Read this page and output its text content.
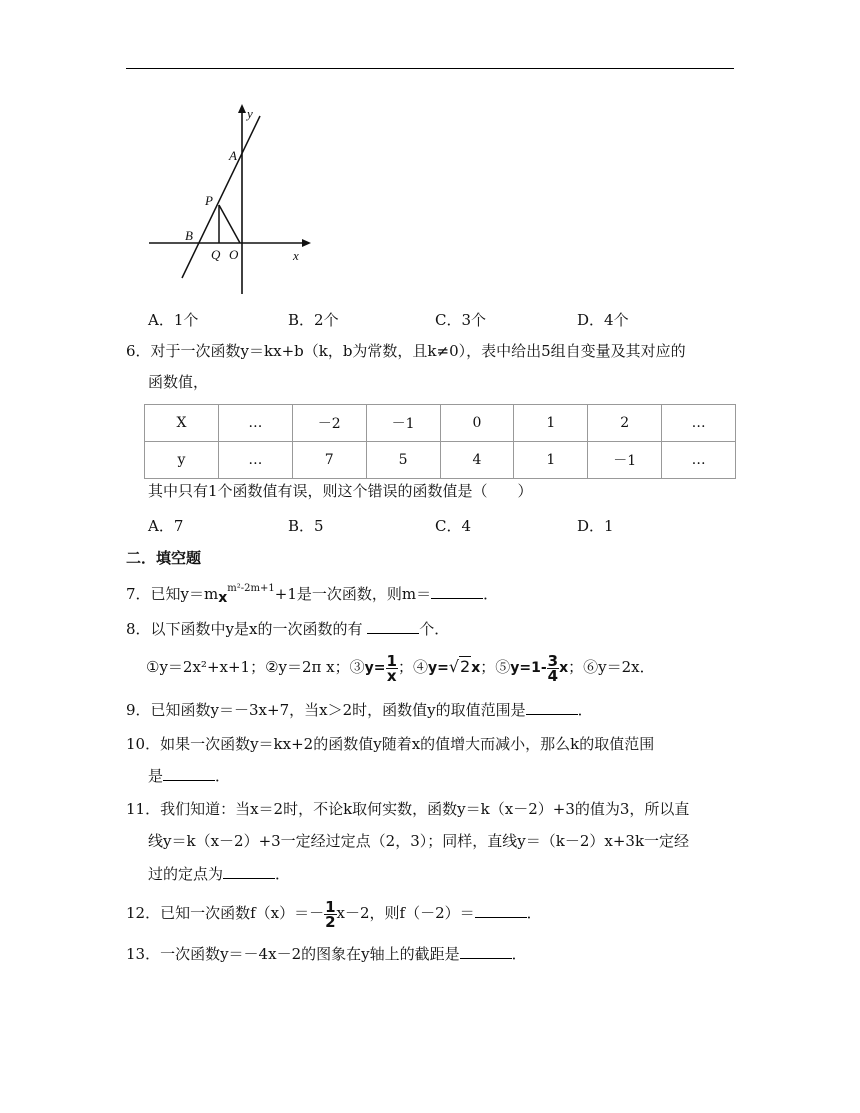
y
x
A
P
B
Q O
A．1个	B．2个	C．3个	D．4个
6．对于一次函数y＝kx+b（k，b为常数，且k≠0），表中给出5组自变量及其对应的
函数值，
X	…	－2	－1	0	1	2	…
y	…	7	5	4	1	－1	…
其中只有1个函数值有误，则这个错误的函数值是（　　）
A．7	B．5	C．4	D．1
二．填空题
7．已知$y=mx^{m^2-2m+1}+1$是一次函数，则m＝	．
8．以下函数中y是x的一次函数的有	个．
①y＝2x²+x+1；②y＝2π x；③y= $\frac{1}{x}$ ；④y=√2x；⑤y=1- $\frac{3}{4}$ x；⑥y＝2x．
9．已知函数y＝－3x+7，当x＞2时，函数值y的取值范围是	．
10．如果一次函数y＝kx+2的函数值y随着x的值增大而减小，那么k的取值范围
是	．
11．我们知道：当x＝2时，不论k取何实数，函数y＝k（x－2）+3的值为3，所以直
线y＝k（x－2）+3一定经过定点（2，3）；同样，直线y＝（k－2）x+3k一定经
过的定点为	．
12．已知一次函数$f(x)=- \frac{1}{2} x-2$，则f（－2）＝	．
13．一次函数y＝－4x－2的图象在y轴上的截距是	．
